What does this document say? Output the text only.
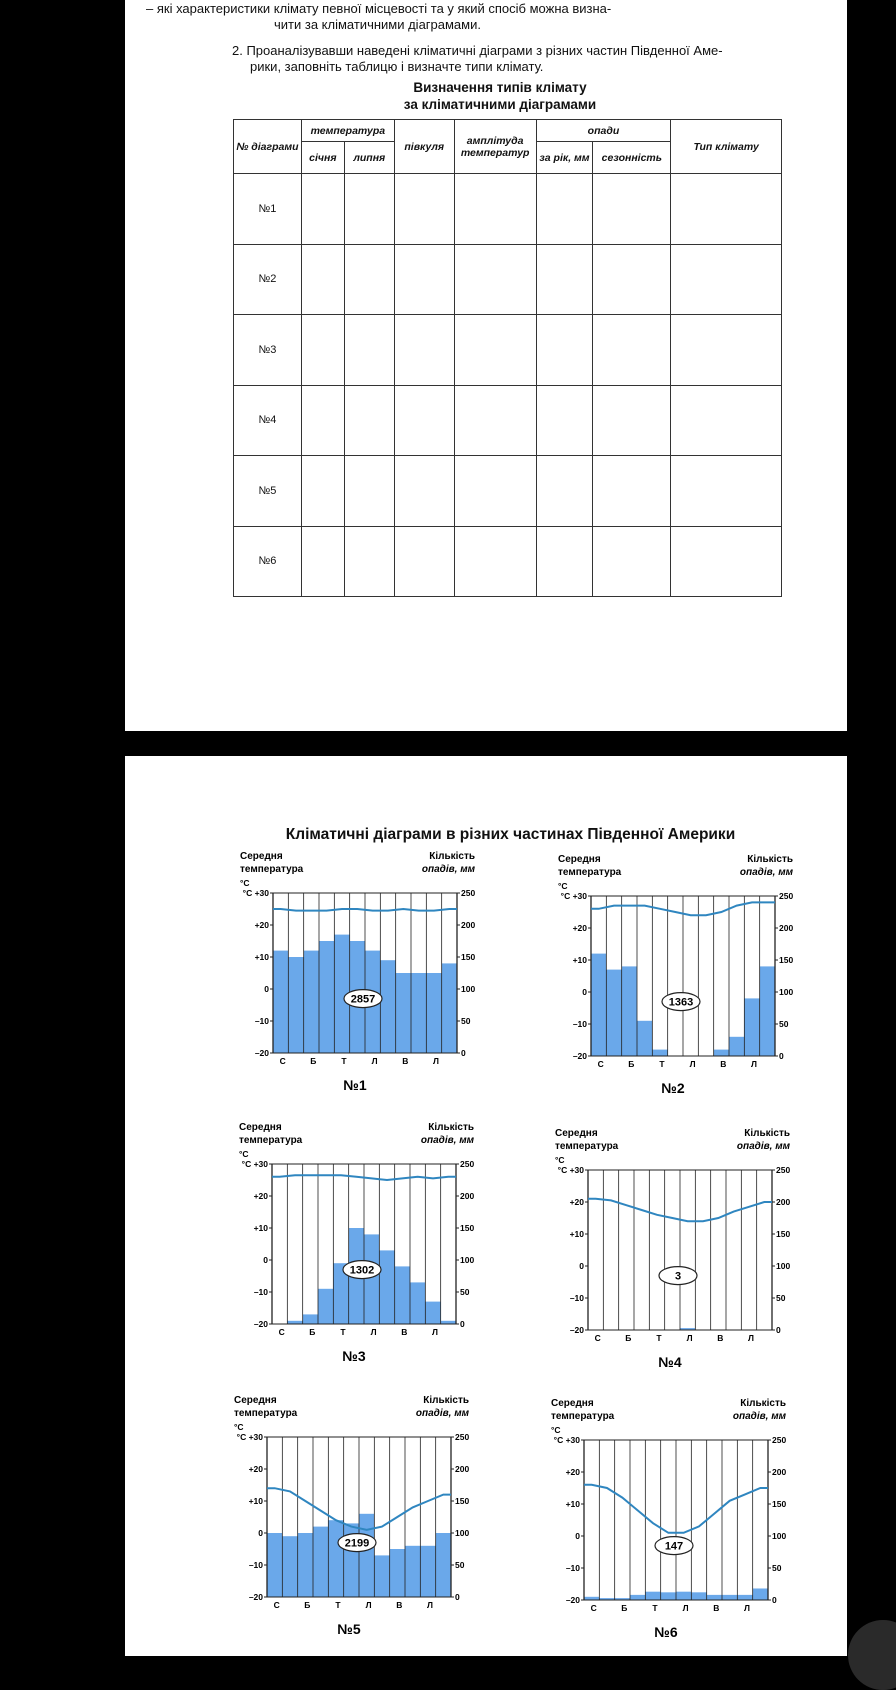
– які характеристики клімату певної місцевості та у який спосіб можна визна-
чити за кліматичними діаграмами.
2. Проаналізувавши наведені кліматичні діаграми з різних частин Південної Аме-
рики, заповніть таблицю і визначте типи клімату.
Визначення типів клімату
за кліматичними діаграмами
№ діаграми	температура		півкуля	амплітуда температур	опади		Тип клімату
	січня	липня			за рік, мм	сезонність	
№1							
№2							
№3							
№4							
№5							
№6							
Кліматичні діаграми в різних частинах Південної Америки
Середня
температура
°C
Кількість
опадів, мм
°C +30
+20
+10
0
–10
–20
250
200
150
100
50
0
С	Б	Т	Л	В	Л
2857
№1
Середня
температура
°C
Кількість
опадів, мм
°C +30
+20
+10
0
–10
–20
250
200
150
100
50
0
С	Б	Т	Л	В	Л
1363
№2
Середня
температура
°C
Кількість
опадів, мм
°C +30
+20
+10
0
–10
–20
250
200
150
100
50
0
С	Б	Т	Л	В	Л
1302
№3
Середня
температура
°C
Кількість
опадів, мм
°C +30
+20
+10
0
–10
–20
250
200
150
100
50
0
С	Б	Т	Л	В	Л
3
№4
Середня
температура
°C
Кількість
опадів, мм
°C +30
+20
+10
0
–10
–20
250
200
150
100
50
0
С	Б	Т	Л	В	Л
2199
№5
Середня
температура
°C
Кількість
опадів, мм
°C +30
+20
+10
0
–10
–20
250
200
150
100
50
0
С	Б	Т	Л	В	Л
147
№6
